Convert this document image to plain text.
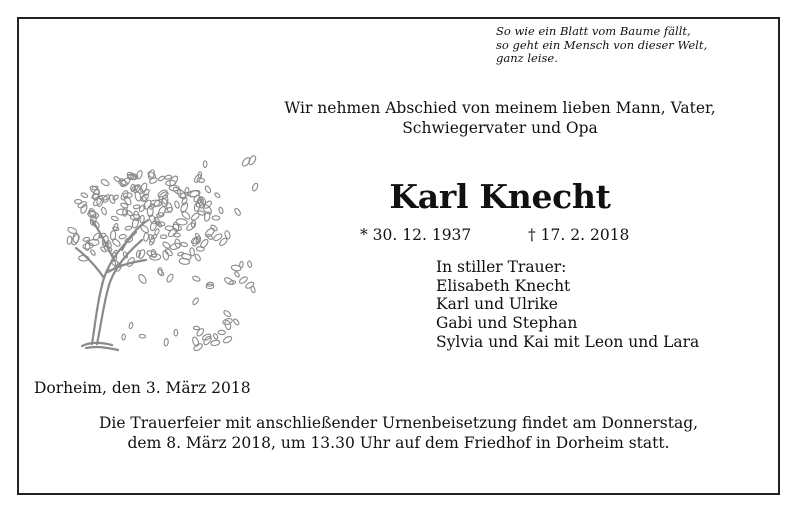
So wie ein Blatt vom Baume fällt,
so geht ein Mensch von dieser Welt,
ganz leise.
Wir nehmen Abschied von meinem lieben Mann, Vater,
Schwiegervater und Opa
Karl Knecht
* 30. 12. 1937	† 17. 2. 2018
In stiller Trauer:
Elisabeth Knecht
Karl und Ulrike
Gabi und Stephan
Sylvia und Kai mit Leon und Lara
Dorheim, den 3. März 2018
Die Trauerfeier mit anschließender Urnenbeisetzung findet am Donnerstag,
dem 8. März 2018, um 13.30 Uhr auf dem Friedhof in Dorheim statt.
